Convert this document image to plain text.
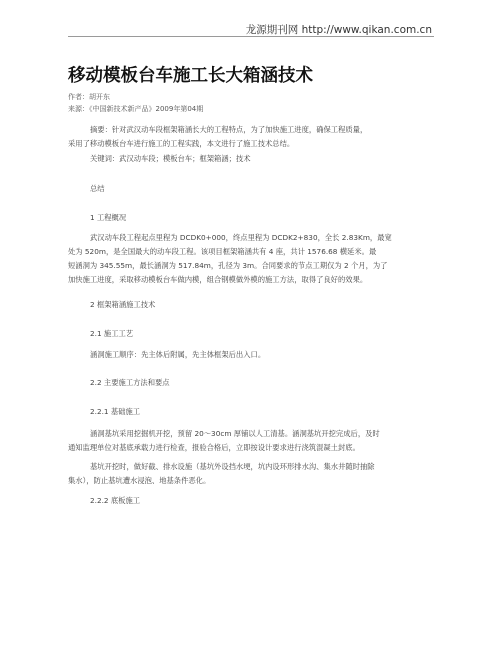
龙源期刊网 http://www.qikan.com.cn
移动模板台车施工长大箱涵技术
作者：胡开东
来源：《中国新技术新产品》2009年第04期

摘要：针对武汉动车段框架箱涵长大的工程特点，为了加快施工进度，确保工程质量，

采用了移动模板台车进行施工的工程实践，本文进行了施工技术总结。

关键词：武汉动车段；模板台车；框架箱涵；技术
总结
1 工程概况

武汉动车段工程起点里程为 DCDK0+000，终点里程为 DCDK2+830，全长 2.83Km，最宽

处为 520m，是全国最大的动车段工程。该项目框架箱涵共有 4 座，共计 1576.68 横延米。最

短涵洞为 345.55m，最长涵洞为 517.84m，孔径为 3m。合同要求的节点工期仅为 2 个月，为了

加快施工进度，采取移动模板台车做内模，组合钢模做外模的施工方法，取得了良好的效果。

2 框架箱涵施工技术
2.1 施工工艺
涵洞施工顺序：先主体后附属，先主体框架后出入口。
2.2 主要施工方法和要点
2.2.1 基础施工

涵洞基坑采用挖掘机开挖，预留 20～30cm 厚铺以人工清基。涵洞基坑开挖完成后，及时

通知监理单位对基底承载力进行检查，报验合格后，立即按设计要求进行浇筑混凝土封底。

基坑开挖时，做好截、排水设施（基坑外设挡水埂，坑内设环形排水沟、集水井随时抽除

集水），防止基坑遭水浸泡、地基条件恶化。

2.2.2 底板施工
